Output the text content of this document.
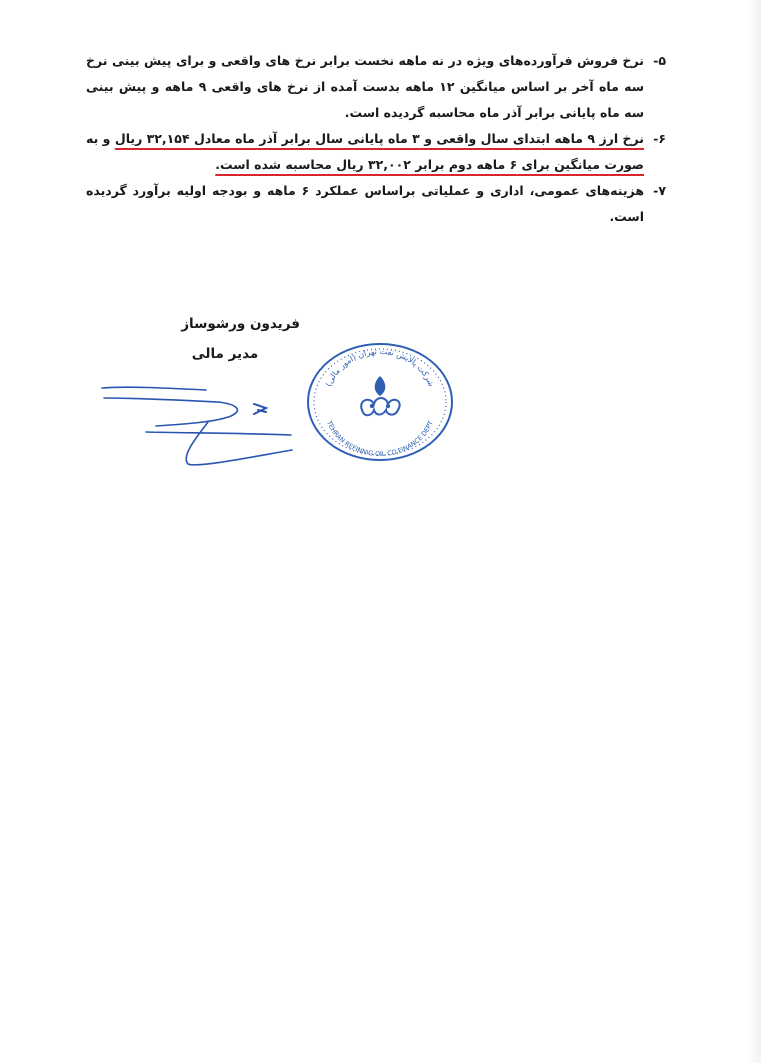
۵-
نرخ فروش فرآورده‌های ویژه در نه ماهه نخست برابر نرخ های واقعی و برای پیش بینی نرخ سه ماه آخر بر اساس میانگین ۱۲ ماهه بدست آمده از نرخ های واقعی ۹ ماهه و پیش بینی سه ماه پایانی برابر آذر ماه محاسبه گردیده است.
۶-
نرخ ارز ۹ ماهه ابتدای سال واقعی و ۳ ماه پایانی سال برابر آذر ماه معادل ۳۲,۱۵۴ ریال و به صورت میانگین برای ۶ ماهه دوم برابر ۳۲,۰۰۲ ریال محاسبه شده است.
۷-
هزینه‌های عمومی، اداری و عملیاتی براساس عملکرد ۶ ماهه و بودجه اولیه برآورد گردیده است.
فریدون ورشوساز
مدیر مالی
شرکت پالایش نفت تهران (امور مالی)
TEHRAN REFINNIG OIL CO.FINANCE DEPT
